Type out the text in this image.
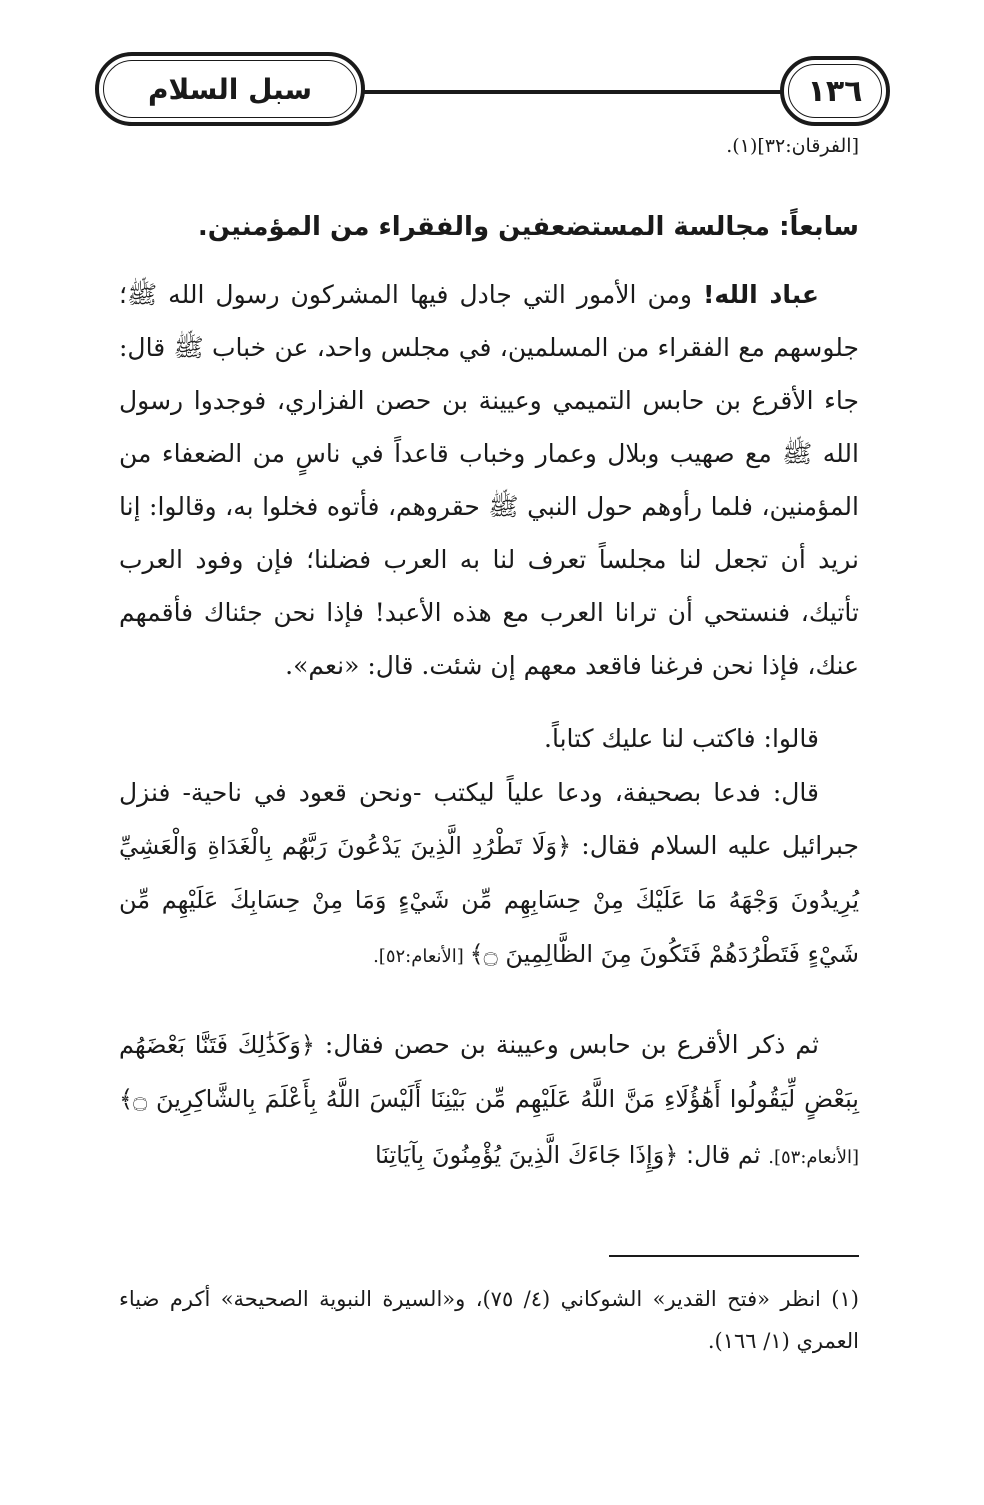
سبل السلام	١٣٦
[الفرقان:٣٢](١).
سابعاً: مجالسة المستضعفين والفقراء من المؤمنين.
عباد الله! ومن الأمور التي جادل فيها المشركون رسول الله ﷺ؛ جلوسهم مع الفقراء من المسلمين، في مجلس واحد، عن خباب ﷺ قال: جاء الأقرع بن حابس التميمي وعيينة بن حصن الفزاري، فوجدوا رسول الله ﷺ مع صهيب وبلال وعمار وخباب قاعداً في ناسٍ من الضعفاء من المؤمنين، فلما رأوهم حول النبي ﷺ حقروهم، فأتوه فخلوا به، وقالوا: إنا نريد أن تجعل لنا مجلساً تعرف لنا به العرب فضلنا؛ فإن وفود العرب تأتيك، فنستحي أن ترانا العرب مع هذه الأعبد! فإذا نحن جئناك فأقمهم عنك، فإذا نحن فرغنا فاقعد معهم إن شئت. قال: «نعم».
قالوا: فاكتب لنا عليك كتاباً.
قال: فدعا بصحيفة، ودعا علياً ليكتب -ونحن قعود في ناحية- فنزل جبرائيل عليه السلام فقال: ﴿وَلَا تَطْرُدِ الَّذِينَ يَدْعُونَ رَبَّهُم بِالْغَدَاةِ وَالْعَشِيِّ يُرِيدُونَ وَجْهَهُ مَا عَلَيْكَ مِنْ حِسَابِهِم مِّن شَيْءٍ وَمَا مِنْ حِسَابِكَ عَلَيْهِم مِّن شَيْءٍ فَتَطْرُدَهُمْ فَتَكُونَ مِنَ الظَّالِمِينَ ۝﴾ [الأنعام:٥٢].
ثم ذكر الأقرع بن حابس وعيينة بن حصن فقال: ﴿وَكَذَٰلِكَ فَتَنَّا بَعْضَهُم بِبَعْضٍ لِّيَقُولُوا أَهَٰؤُلَاءِ مَنَّ اللَّهُ عَلَيْهِم مِّن بَيْنِنَا أَلَيْسَ اللَّهُ بِأَعْلَمَ بِالشَّاكِرِينَ ۝﴾ [الأنعام:٥٣]. ثم قال: ﴿وَإِذَا جَاءَكَ الَّذِينَ يُؤْمِنُونَ بِآيَاتِنَا
(١) انظر «فتح القدير» الشوكاني (٤/ ٧٥)، و«السيرة النبوية الصحيحة» أكرم ضياء العمري (١/ ١٦٦).
